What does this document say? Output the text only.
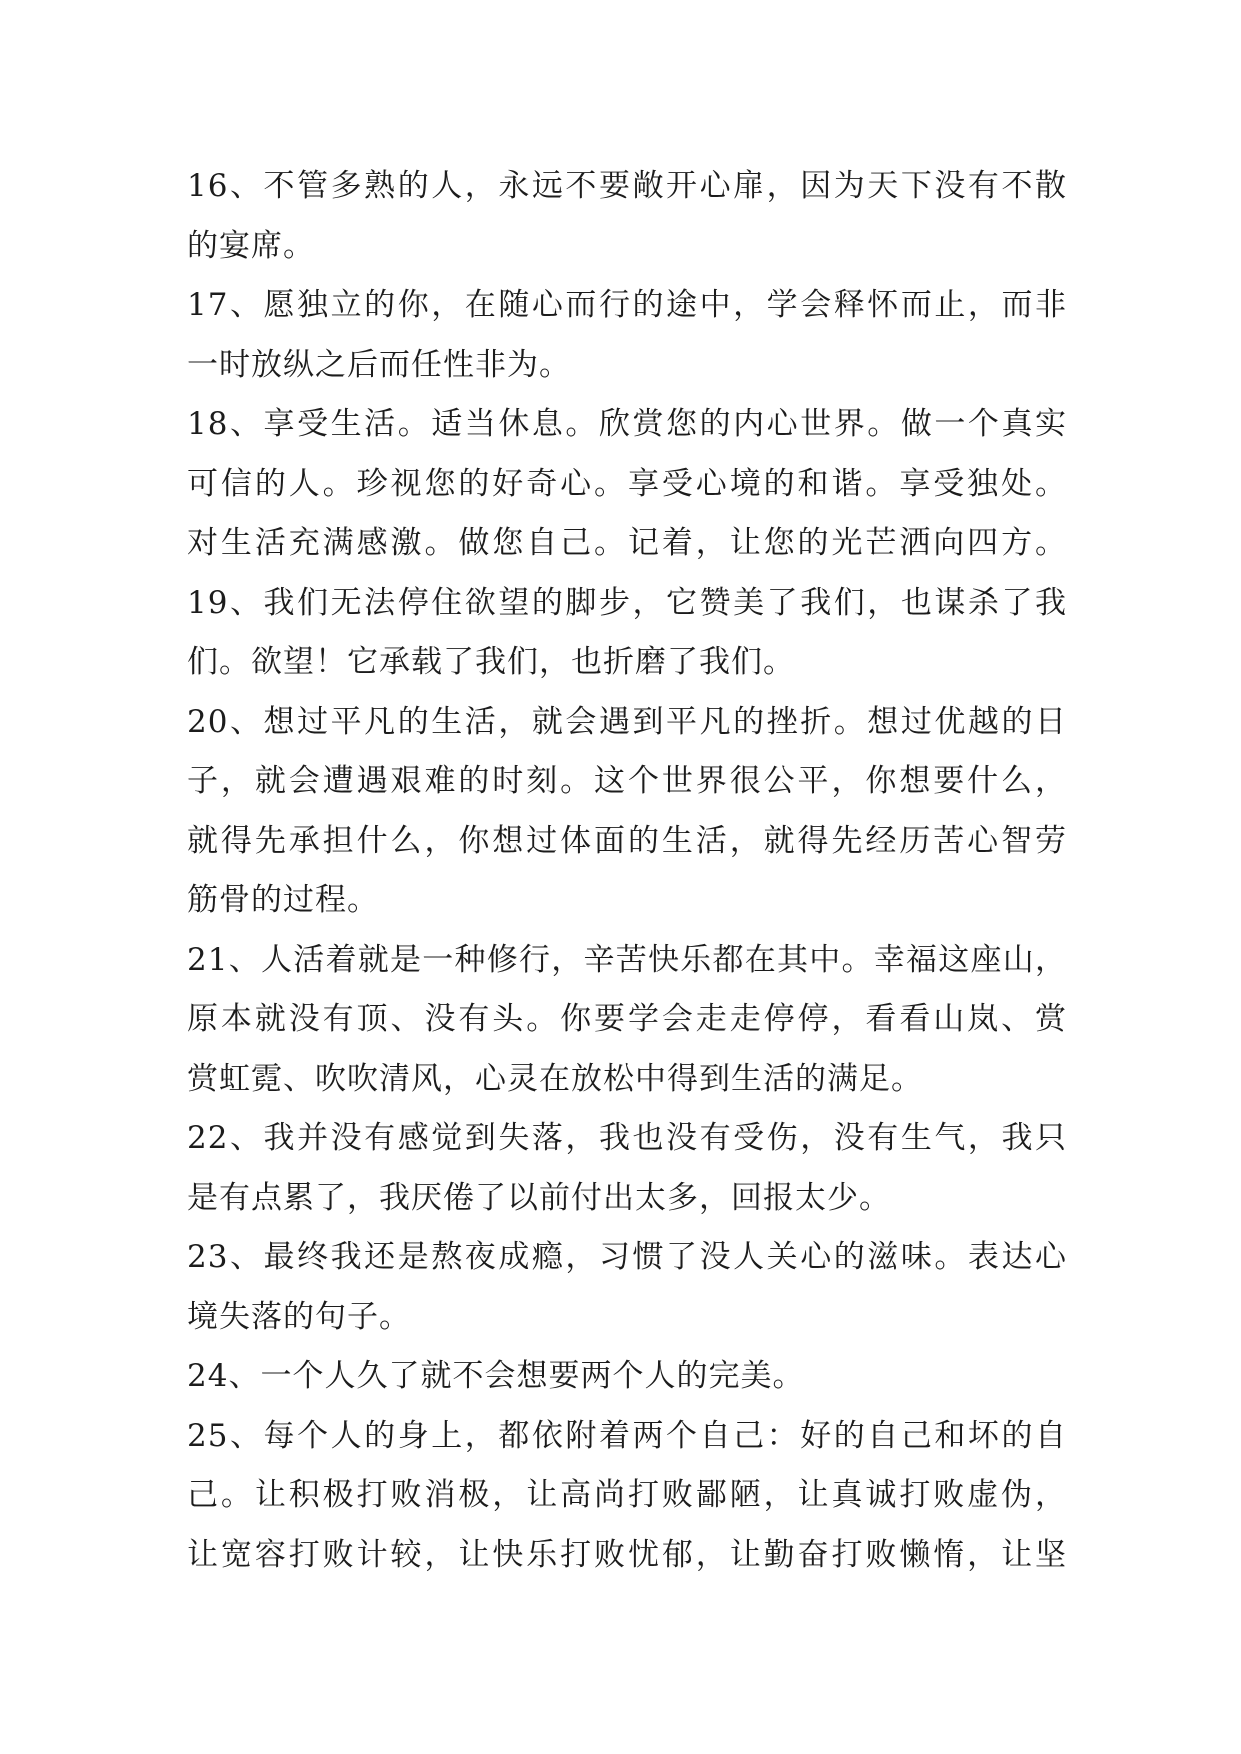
16、不管多熟的人，永远不要敞开心扉，因为天下没有不散
的宴席。
17、愿独立的你，在随心而行的途中，学会释怀而止，而非
一时放纵之后而任性非为。
18、享受生活。适当休息。欣赏您的内心世界。做一个真实
可信的人。珍视您的好奇心。享受心境的和谐。享受独处。
对生活充满感激。做您自己。记着，让您的光芒洒向四方。
19、我们无法停住欲望的脚步，它赞美了我们，也谋杀了我
们。欲望！它承载了我们，也折磨了我们。
20、想过平凡的生活，就会遇到平凡的挫折。想过优越的日
子，就会遭遇艰难的时刻。这个世界很公平，你想要什么，
就得先承担什么，你想过体面的生活，就得先经历苦心智劳
筋骨的过程。
21、人活着就是一种修行，辛苦快乐都在其中。幸福这座山，
原本就没有顶、没有头。你要学会走走停停，看看山岚、赏
赏虹霓、吹吹清风，心灵在放松中得到生活的满足。
22、我并没有感觉到失落，我也没有受伤，没有生气，我只
是有点累了，我厌倦了以前付出太多，回报太少。
23、最终我还是熬夜成瘾，习惯了没人关心的滋味。表达心
境失落的句子。
24、一个人久了就不会想要两个人的完美。
25、每个人的身上，都依附着两个自己：好的自己和坏的自
己。让积极打败消极，让高尚打败鄙陋，让真诚打败虚伪，
让宽容打败计较，让快乐打败忧郁，让勤奋打败懒惰，让坚
